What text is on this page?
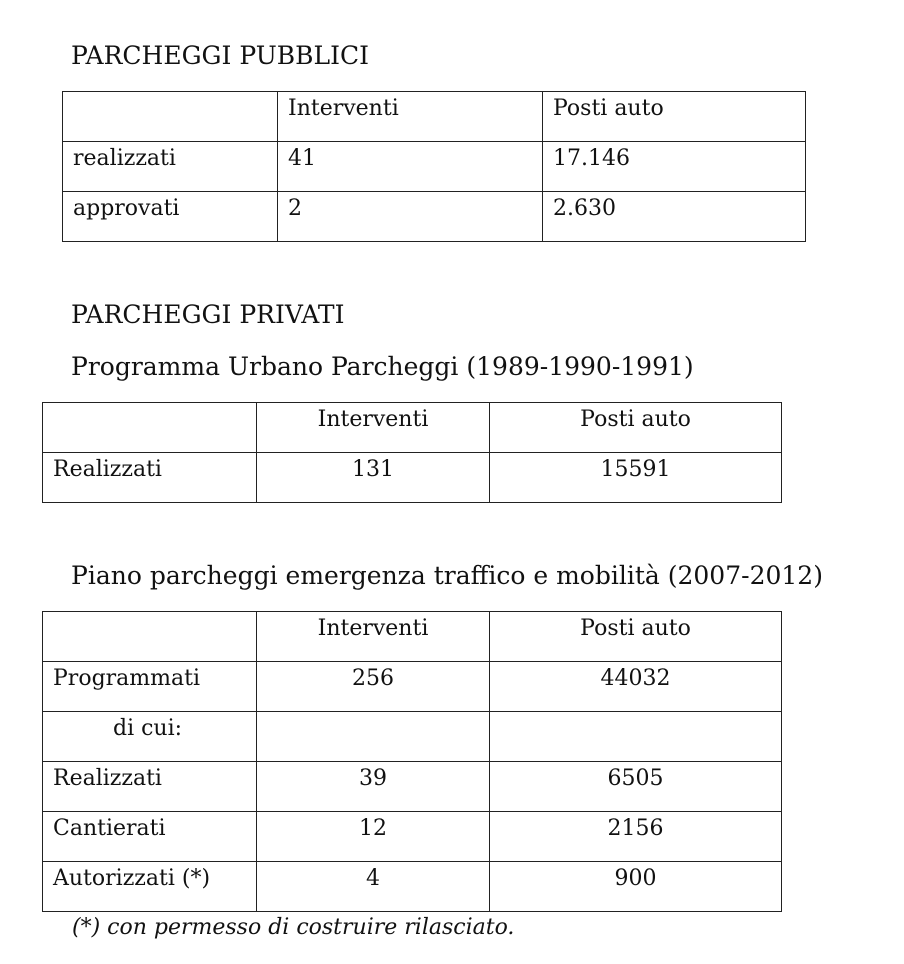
PARCHEGGI PUBBLICI
	Interventi	Posti auto
realizzati	41	17.146
approvati	2	2.630
PARCHEGGI PRIVATI
Programma Urbano Parcheggi (1989-1990-1991)
	Interventi	Posti auto
Realizzati	131	15591
Piano parcheggi emergenza traffico e mobilità (2007-2012)
	Interventi	Posti auto
Programmati	256	44032
di cui:		
Realizzati	39	6505
Cantierati	12	2156
Autorizzati (*)	4	900
(*) con permesso di costruire rilasciato.
